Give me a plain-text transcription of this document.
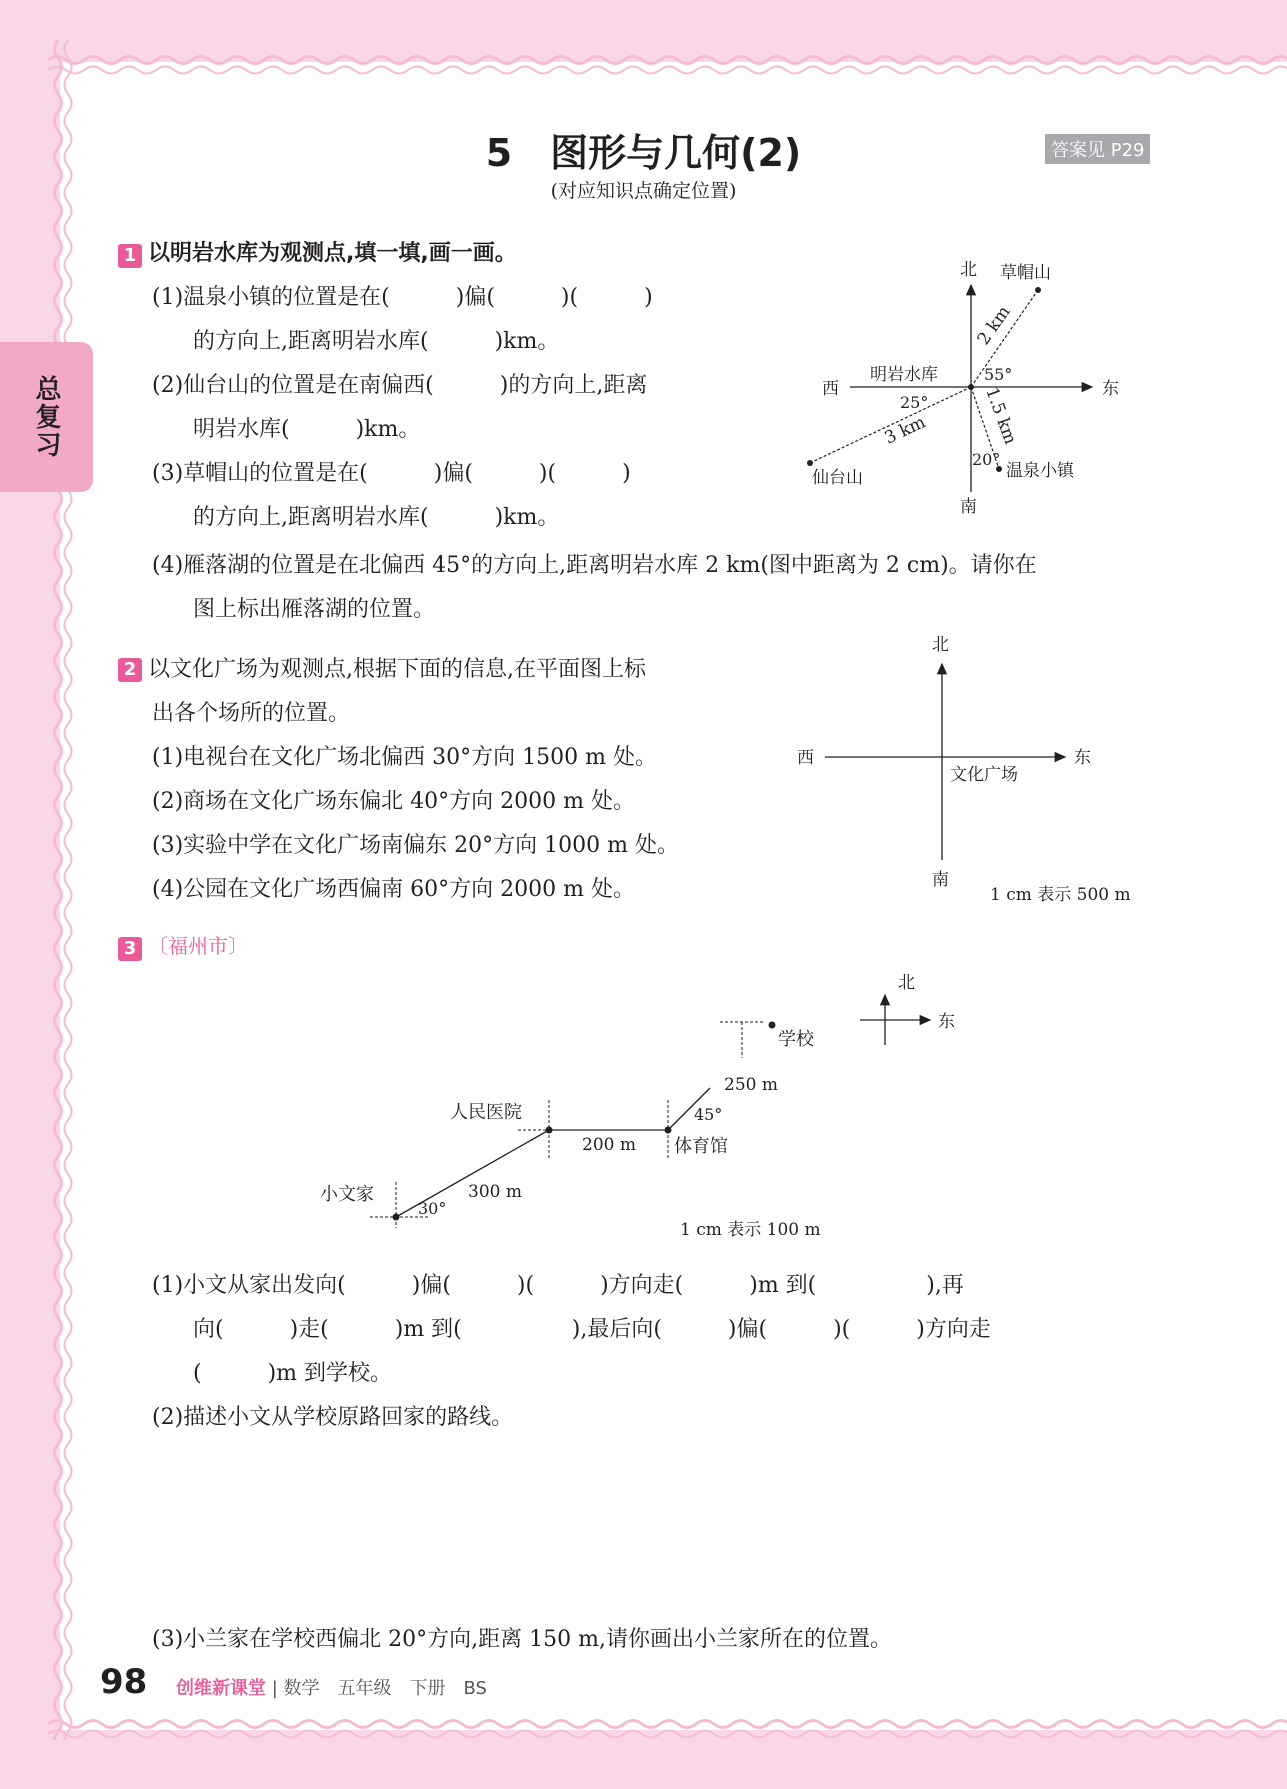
总复习
5　图形与几何(2)
(对应知识点确定位置)
答案见 P29
1 以明岩水库为观测点,填一填,画一画。
(1)温泉小镇的位置是在(　　　)偏(　　　)(　　　)
的方向上,距离明岩水库(　　　)km。
(2)仙台山的位置是在南偏西(　　　)的方向上,距离
明岩水库(　　　)km。
(3)草帽山的位置是在(　　　)偏(　　　)(　　　)
的方向上,距离明岩水库(　　　)km。
(4)雁落湖的位置是在北偏西 45°的方向上,距离明岩水库 2 km(图中距离为 2 cm)。请你在
图上标出雁落湖的位置。
北
南
东
西
明岩水库
草帽山
2 km
55°
仙台山
3 km
25°
温泉小镇
1.5 km
20°
2 以文化广场为观测点,根据下面的信息,在平面图上标
出各个场所的位置。
(1)电视台在文化广场北偏西 30°方向 1500 m 处。
(2)商场在文化广场东偏北 40°方向 2000 m 处。
(3)实验中学在文化广场南偏东 20°方向 1000 m 处。
(4)公园在文化广场西偏南 60°方向 2000 m 处。
北
南
东
西
文化广场
1 cm 表示 500 m
3 〔福州市〕
北
东
学校
小文家
30°
人民医院
300 m
200 m 体育馆
45°
250 m
1 cm 表示 100 m
(1)小文从家出发向(　　　)偏(　　　)(　　　)方向走(　　　)m 到(　　　　　),再
向(　　　)走(　　　)m 到(　　　　　),最后向(　　　)偏(　　　)(　　　)方向走
(　　　)m 到学校。
(2)描述小文从学校原路回家的路线。
(3)小兰家在学校西偏北 20°方向,距离 150 m,请你画出小兰家所在的位置。
98 创维新课堂 | 数学　五年级　下册　BS
